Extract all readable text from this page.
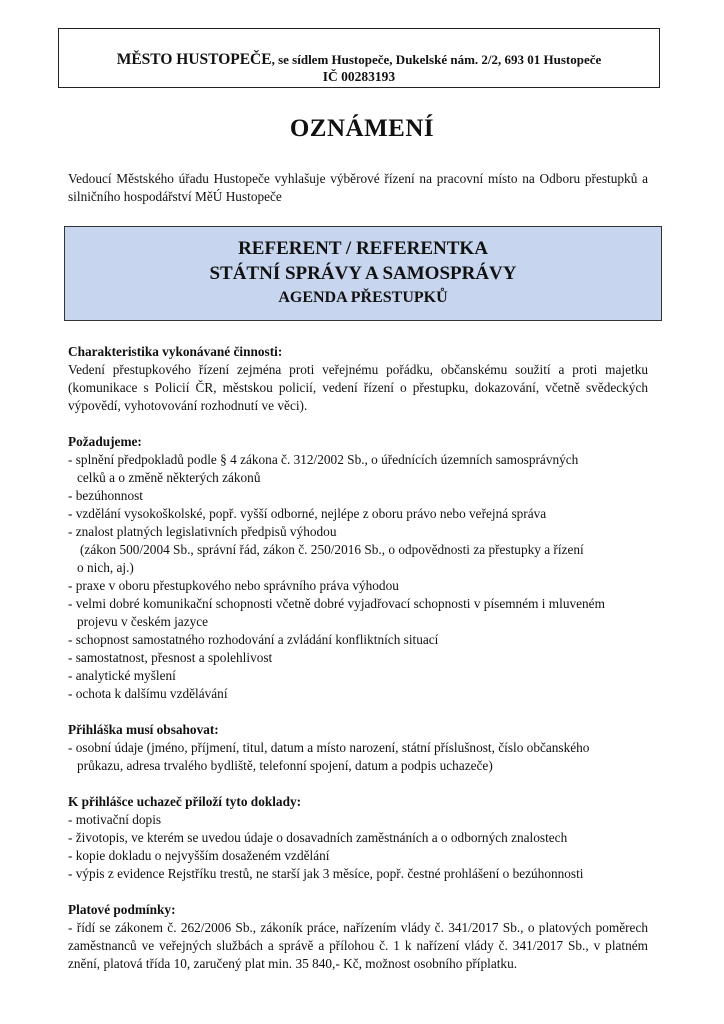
MĚSTO HUSTOPEČE, se sídlem Hustopeče, Dukelské nám. 2/2, 693 01 Hustopeče
IČ 00283193
OZNÁMENÍ
Vedoucí Městského úřadu Hustopeče vyhlašuje výběrové řízení na pracovní místo na Odboru přestupků a silničního hospodářství MěÚ Hustopeče
REFERENT / REFERENTKA
STÁTNÍ SPRÁVY A SAMOSPRÁVY
AGENDA PŘESTUPKŮ
Charakteristika vykonávané činnosti:
Vedení přestupkového řízení zejména proti veřejnému pořádku, občanskému soužití a proti majetku (komunikace s Policií ČR, městskou policií, vedení řízení o přestupku, dokazování, včetně svědeckých výpovědí, vyhotovování rozhodnutí ve věci).
Požadujeme:
- splnění předpokladů podle § 4 zákona č. 312/2002 Sb., o úřednících územních samosprávných
celků a o změně některých zákonů
- bezúhonnost
- vzdělání vysokoškolské, popř. vyšší odborné, nejlépe z oboru právo nebo veřejná správa
- znalost platných legislativních předpisů výhodou
(zákon 500/2004 Sb., správní řád, zákon č. 250/2016 Sb., o odpovědnosti za přestupky a řízení
o nich, aj.)
- praxe v oboru přestupkového nebo správního práva výhodou
- velmi dobré komunikační schopnosti včetně dobré vyjadřovací schopnosti v písemném i mluveném
projevu v českém jazyce
- schopnost samostatného rozhodování a zvládání konfliktních situací
- samostatnost, přesnost a spolehlivost
- analytické myšlení
- ochota k dalšímu vzdělávání
Přihláška musí obsahovat:
- osobní údaje (jméno, příjmení, titul, datum a místo narození, státní příslušnost, číslo občanského
průkazu, adresa trvalého bydliště, telefonní spojení, datum a podpis uchazeče)
K přihlášce uchazeč přiloží tyto doklady:
- motivační dopis
- životopis, ve kterém se uvedou údaje o dosavadních zaměstnáních a o odborných znalostech
- kopie dokladu o nejvyšším dosaženém vzdělání
- výpis z evidence Rejstříku trestů, ne starší jak 3 měsíce, popř. čestné prohlášení o bezúhonnosti
Platové podmínky:
- řídí se zákonem č. 262/2006 Sb., zákoník práce, nařízením vlády č. 341/2017 Sb., o platových poměrech zaměstnanců ve veřejných službách a správě a přílohou č. 1 k nařízení vlády č. 341/2017 Sb., v platném znění, platová třída 10, zaručený plat min. 35 840,- Kč, možnost osobního příplatku.
